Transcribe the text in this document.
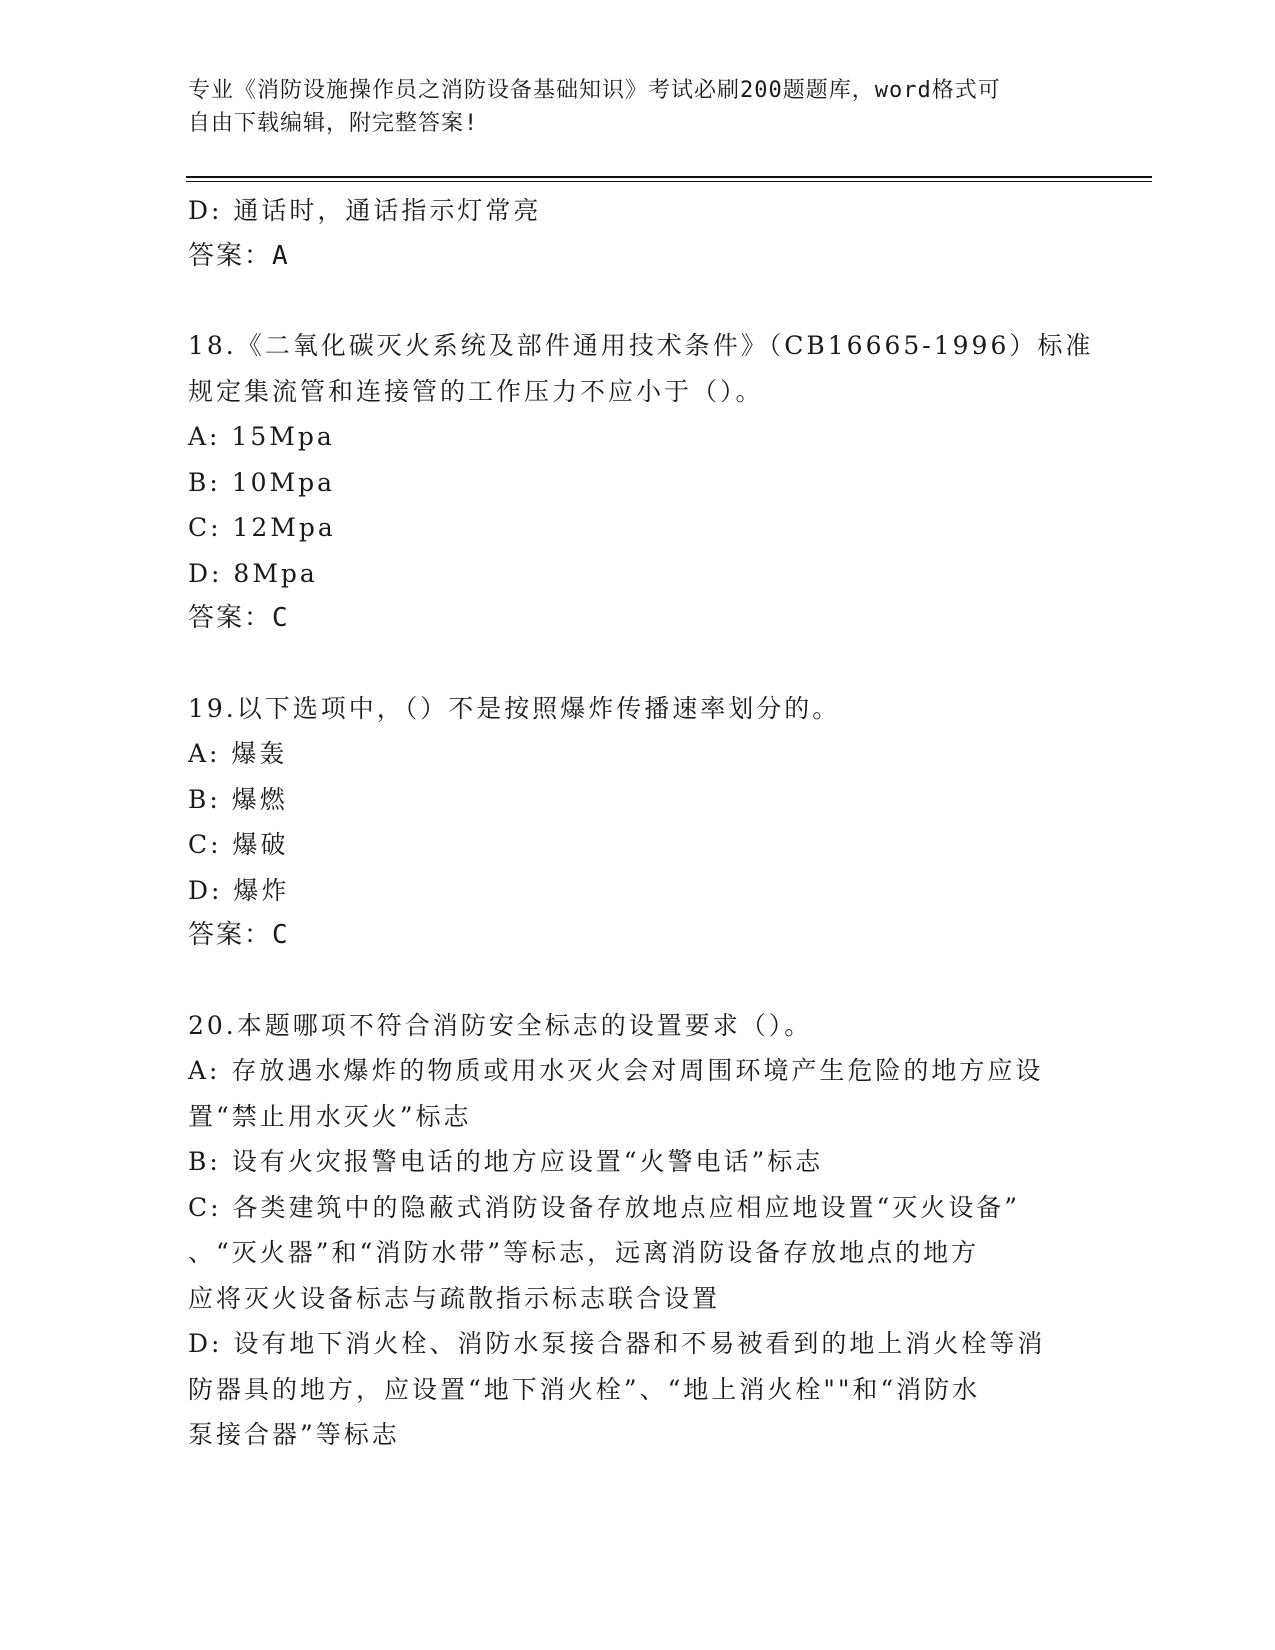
专业《消防设施操作员之消防设备基础知识》考试必刷200题题库，word格式可
自由下载编辑，附完整答案!
D: 通话时，通话指示灯常亮
答案：A
18.《二氧化碳灭火系统及部件通用技术条件》（CB16665-1996）标准
规定集流管和连接管的工作压力不应小于（）。
A: 15Mpa
B: 10Mpa
C: 12Mpa
D: 8Mpa
答案：C
19.以下选项中，（）不是按照爆炸传播速率划分的。
A: 爆轰
B: 爆燃
C: 爆破
D: 爆炸
答案：C
20.本题哪项不符合消防安全标志的设置要求（）。
A: 存放遇水爆炸的物质或用水灭火会对周围环境产生危险的地方应设
置“禁止用水灭火”标志
B: 设有火灾报警电话的地方应设置“火警电话”标志
C: 各类建筑中的隐蔽式消防设备存放地点应相应地设置“灭火设备”
、“灭火器”和“消防水带”等标志，远离消防设备存放地点的地方
应将灭火设备标志与疏散指示标志联合设置
D: 设有地下消火栓、消防水泵接合器和不易被看到的地上消火栓等消
防器具的地方，应设置“地下消火栓”、“地上消火栓""和“消防水
泵接合器”等标志
